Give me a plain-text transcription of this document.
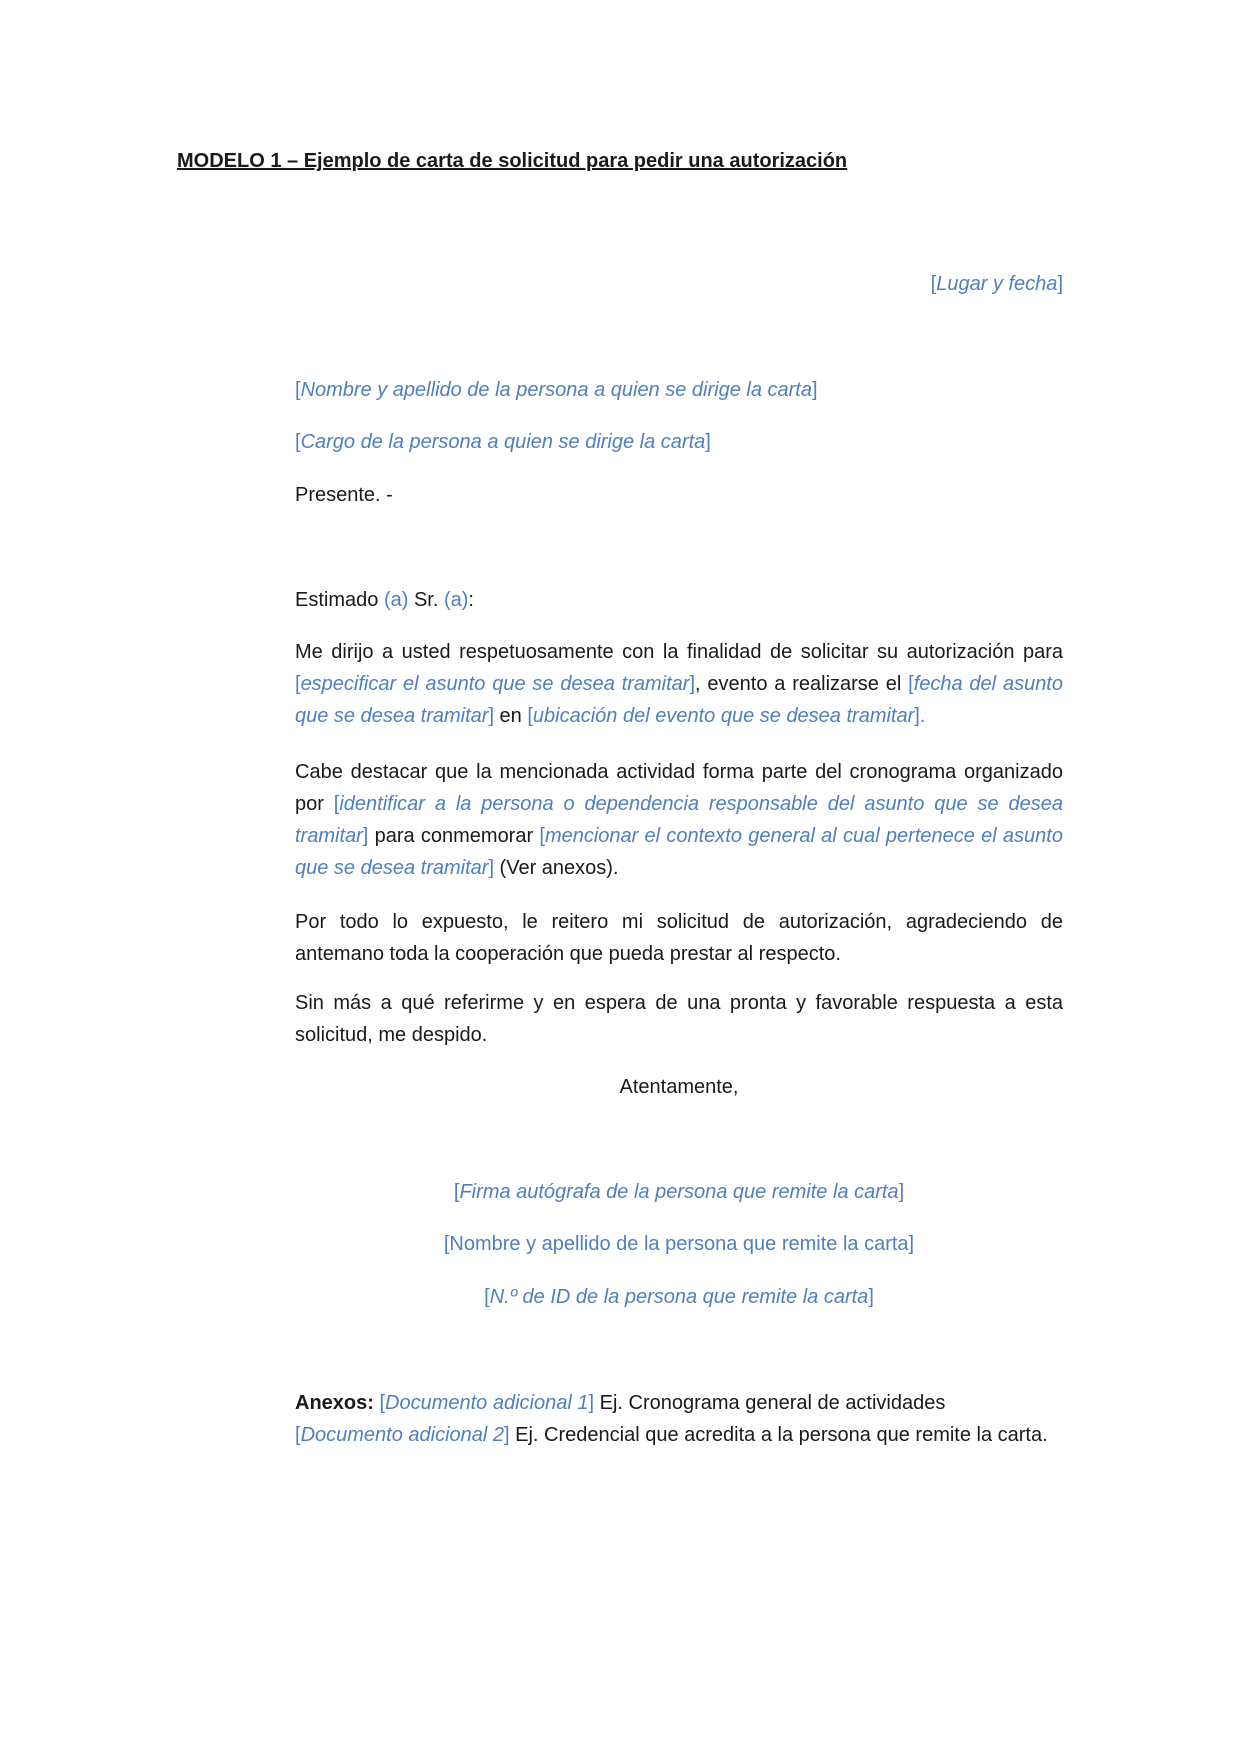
MODELO 1 – Ejemplo de carta de solicitud para pedir una autorización
[Lugar y fecha]
[Nombre y apellido de la persona a quien se dirige la carta]
[Cargo de la persona a quien se dirige la carta]
Presente. -
Estimado (a) Sr. (a):
Me dirijo a usted respetuosamente con la finalidad de solicitar su autorización para [especificar el asunto que se desea tramitar], evento a realizarse el [fecha del asunto que se desea tramitar] en [ubicación del evento que se desea tramitar].
Cabe destacar que la mencionada actividad forma parte del cronograma organizado por [identificar a la persona o dependencia responsable del asunto que se desea tramitar] para conmemorar [mencionar el contexto general al cual pertenece el asunto que se desea tramitar] (Ver anexos).
Por todo lo expuesto, le reitero mi solicitud de autorización, agradeciendo de antemano toda la cooperación que pueda prestar al respecto.
Sin más a qué referirme y en espera de una pronta y favorable respuesta a esta solicitud, me despido.
Atentamente,
[Firma autógrafa de la persona que remite la carta]
[Nombre y apellido de la persona que remite la carta]
[N.º de ID de la persona que remite la carta]
Anexos: [Documento adicional 1] Ej. Cronograma general de actividades
[Documento adicional 2] Ej. Credencial que acredita a la persona que remite la carta.
